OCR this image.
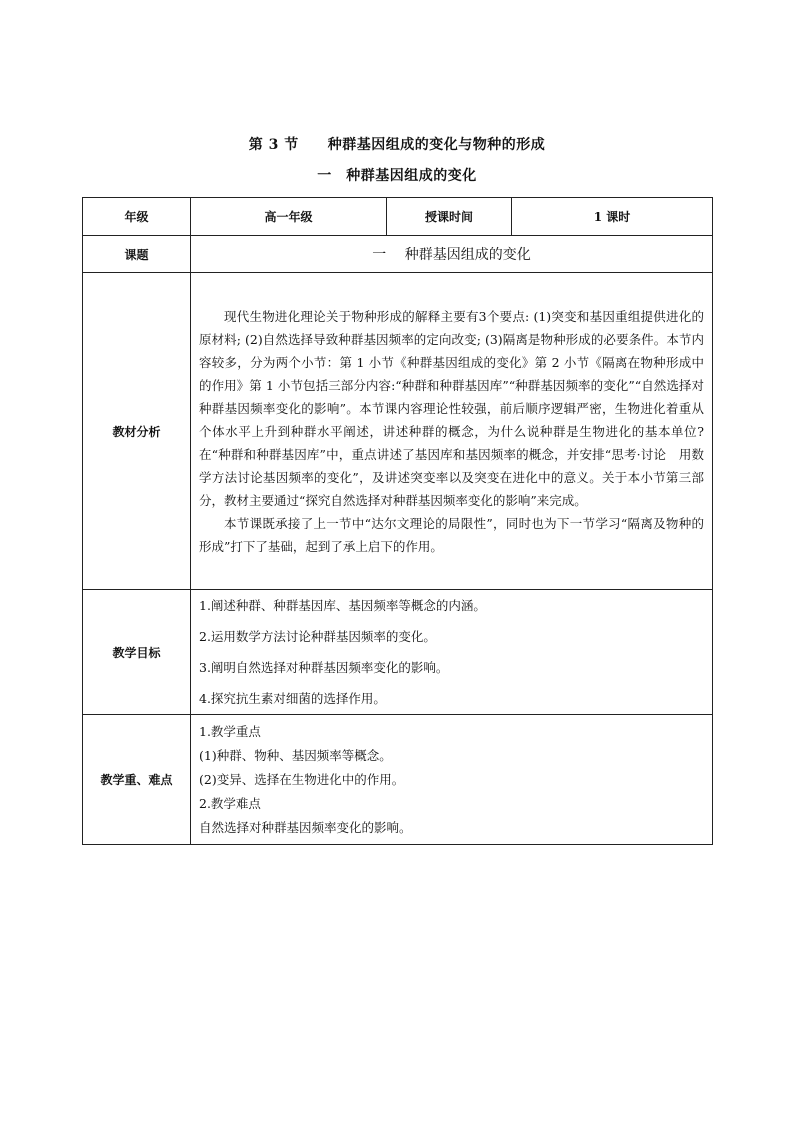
第 3 节　　种群基因组成的变化与物种的形成
一　种群基因组成的变化
年级	高一年级	授课时间	1 课时
课题	一　 种群基因组成的变化		
教材分析	现代生物进化理论关于物种形成的解释主要有3个要点: (1)突变和基因重组提供进化的原材料; (2)自然选择导致种群基因频率的定向改变; (3)隔离是物种形成的必要条件。本节内容较多，分为两个小节：第 1 小节《种群基因组成的变化》第 2 小节《隔离在物种形成中的作用》第 1 小节包括三部分内容:“种群和种群基因库”“种群基因频率的变化”“自然选择对种群基因频率变化的影响”。本节课内容理论性较强，前后顺序逻辑严密，生物进化着重从个体水平上升到种群水平阐述，讲述种群的概念，为什么说种群是生物进化的基本单位?在“种群和种群基因库”中，重点讲述了基因库和基因频率的概念，并安排“思考·讨论　用数学方法讨论基因频率的变化”，及讲述突变率以及突变在进化中的意义。关于本小节第三部分，教材主要通过“探究自然选择对种群基因频率变化的影响”来完成。

本节课既承接了上一节中“达尔文理论的局限性”，同时也为下一节学习“隔离及物种的形成”打下了基础，起到了承上启下的作用。		

教学目标	1.阐述种群、种群基因库、基因频率等概念的内涵。

2.运用数学方法讨论种群基因频率的变化。

3.阐明自然选择对种群基因频率变化的影响。

4.探究抗生素对细菌的选择作用。		

教学重、难点	1.教学重点

(1)种群、物种、基因频率等概念。

(2)变异、选择在生物进化中的作用。

2.教学难点

自然选择对种群基因频率变化的影响。		
